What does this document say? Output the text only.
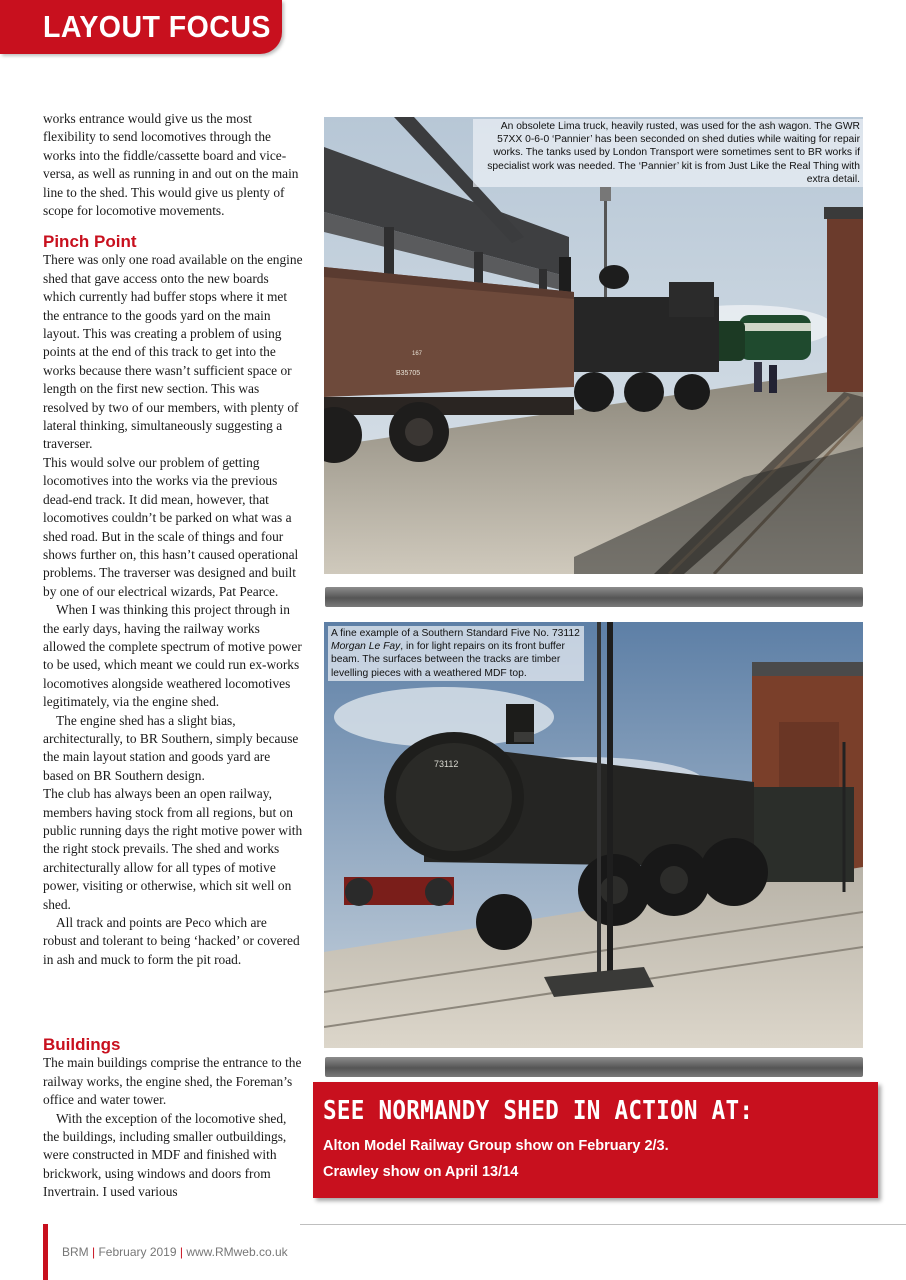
LAYOUT FOCUS

works entrance would give us the most flexibility to send locomotives through the works into the fiddle/cassette board and vice-versa, as well as running in and out on the main line to the shed. This would give us plenty of scope for locomotive movements.

Pinch Point

There was only one road available on the engine shed that gave access onto the new boards which currently had buffer stops where it met the entrance to the goods yard on the main layout. This was creating a problem of using points at the end of this track to get into the works because there wasn’t sufficient space or length on the first new section. This was resolved by two of our members, with plenty of lateral thinking, simultaneously suggesting a traverser.

This would solve our problem of getting locomotives into the works via the previous dead-end track. It did mean, however, that locomotives couldn’t be parked on what was a shed road. But in the scale of things and four shows further on, this hasn’t caused operational problems. The traverser was designed and built by one of our electrical wizards, Pat Pearce.

When I was thinking this project through in the early days, having the railway works allowed the complete spectrum of motive power to be used, which meant we could run ex-works locomotives alongside weathered locomotives legitimately, via the engine shed.

The engine shed has a slight bias, architecturally, to BR Southern, simply because the main layout station and goods yard are based on BR Southern design.

The club has always been an open railway, members having stock from all regions, but on public running days the right motive power with the right stock prevails. The shed and works architecturally allow for all types of motive power, visiting or otherwise, which sit well on shed.

All track and points are Peco which are robust and tolerant to being ‘hacked’ or covered in ash and muck to form the pit road.

Buildings

The main buildings comprise the entrance to the railway works, the engine shed, the Foreman’s office and water tower.

With the exception of the locomotive shed, the buildings, including smaller outbuildings, were constructed in MDF and finished with brickwork, using windows and doors from Invertrain. I used various

167
B35705
An obsolete Lima truck, heavily rusted, was used for the ash wagon. The GWR 57XX 0-6-0 ‘Pannier’ has been seconded on shed duties while waiting for repair works. The tanks used by London Transport were sometimes sent to BR works if specialist work was needed. The ‘Pannier’ kit is from Just Like the Real Thing with extra detail.
73112
A fine example of a Southern Standard Five No. 73112 Morgan Le Fay, in for light repairs on its front buffer beam. The surfaces between the tracks are timber levelling pieces with a weathered MDF top.
SEE NORMANDY SHED IN ACTION AT:
Alton Model Railway Group show on February 2/3.
Crawley show on April 13/14
BRM | February 2019 | www.RMweb.co.uk
